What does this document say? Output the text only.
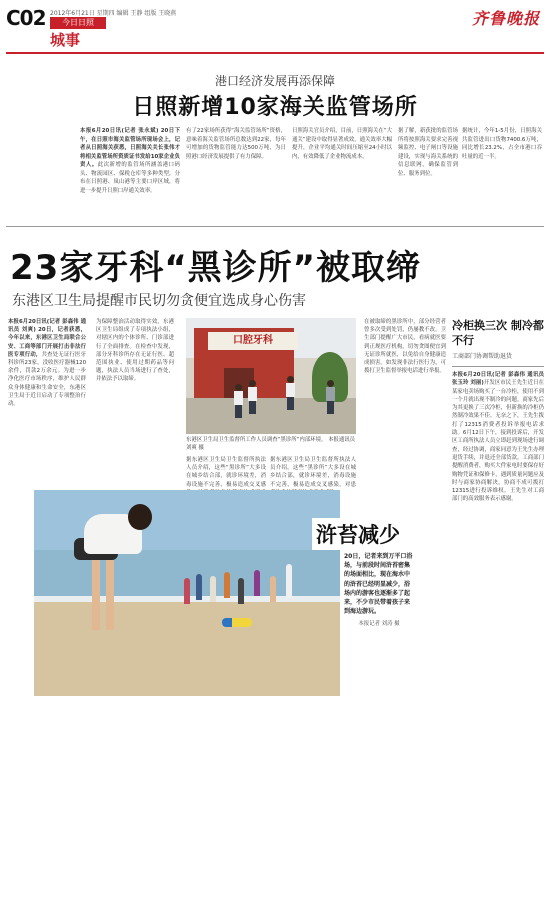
C02 2012年6月21日 星期四 编辑 王静 组版 王晓燕
今日日照
城事
齐鲁晚报
港口经济发展再添保障
日照新增10家海关监管场所
本报6月20日讯(记者 张永斌) 20日下午，在日照市海关监管场所现场会上，记者从日照海关获悉，日照海关关长张伟才将相关监管场所资质证书发给10家企业负责人。此次新增的监管场所涵盖港口码头、物流园区、保税仓库等多种类型，分布在日照港、岚山港等主要口岸区域，将进一步提升日照口岸通关效率。
有了22家场所获得“海关监管场所”资格，意味着海关监管场所总数达到22家，每年可增加的货物监管能力达500万吨，为日照港口经济发展提供了有力保障。
日照海关官员介绍，目前，日照海关在“大通关”建设中取得显著成效，通关效率大幅提升，企业平均通关时间压缩至24小时以内，有效降低了企业物流成本。
据了解，新获批的监管场所将按照海关要求完善视频监控、电子闸口等设施建设，实现与海关系统的信息联网，确保监管到位、服务到位。
据统计，今年1-5月份，日照海关共监管进出口货物7400.6万吨，同比增长23.2%，占全市港口吞吐量的近一半。
23家牙科“黑诊所”被取缔
东港区卫生局提醒市民切勿贪便宜选成身心伤害
本报6月20日讯(记者 彭森伟 通讯员 刘爽) 20日，记者获悉，今年以来，东港区卫生局联合公安、工商等部门开展打击非法行医专项行动，共查处无证行医牙科诊所23家，没收医疗器械120余件，罚款2万余元。为进一步净化医疗市场秩序，维护人民群众身体健康和生命安全，东港区卫生局于近日启动了专项整治行动。
为保障整治活动取得实效，东港区卫生局组成了专项执法小组，对辖区内的个体诊所、门诊部进行了全面排查。在检查中发现，部分牙科诊所存在无证行医、超范围执业、使用过期药品等问题，执法人员当场进行了查处，并依法予以取缔。
口腔牙科
东港区卫生局卫生监督所工作人员调查“黑诊所”内部环境。 本报通讯员 刘爽 摄
据东港区卫生局卫生监督所执法人员介绍，这些“黑诊所”大多设在城乡结合部，就诊环境差，消毒设施不完善，极易造成交叉感
据东港区卫生局卫生监督所执法人员介绍，这些“黑诊所”大多设在城乡结合部，就诊环境差，消毒设施不完善，极易造成交叉感染，对患
在被取缔的黑诊所中，部分经营者曾多次受到处罚，仍屡教不改。卫生部门提醒广大市民，看病就医要到正规医疗机构，切勿贪图便宜到无证诊所就医，以免给自身健康造成损害。如发现非法行医行为，可拨打卫生监督举报电话进行举报。
冷柜换三次 制冷都不行
工商部门协调帮助退货
本报6月20日讯(记者 彭森伟 通讯员 张玉玲 刘丽)开发区市民王先生近日在某家电卖场购买了一台冷柜，使用不到一个月就出现不制冷的问题。商家先后为其更换了三次冷柜，但新换的冷柜仍然制冷效果不佳。无奈之下，王先生拨打了12315消费者投诉举报电话求助。6月12日下午，接到投诉后，开发区工商所执法人员立即赶到现场进行调查，经过协调，商家同意为王先生办理退货手续，并退还全部货款。工商部门提醒消费者，购买大件家电时要保存好购物凭证和保修卡，遇到质量问题应及时与商家协商解决，协商不成可拨打12315进行投诉维权。王先生对工商部门的高效服务表示感谢。
浒苔减少
20日，记者来到万平口浴场，与前段时间浒苔密集的场面相比，现在海水中的浒苔已经明显减少，浴场内的游客也逐渐多了起来，不少市民带着孩子来到海边游玩。
本报记者 刘涛 摄
